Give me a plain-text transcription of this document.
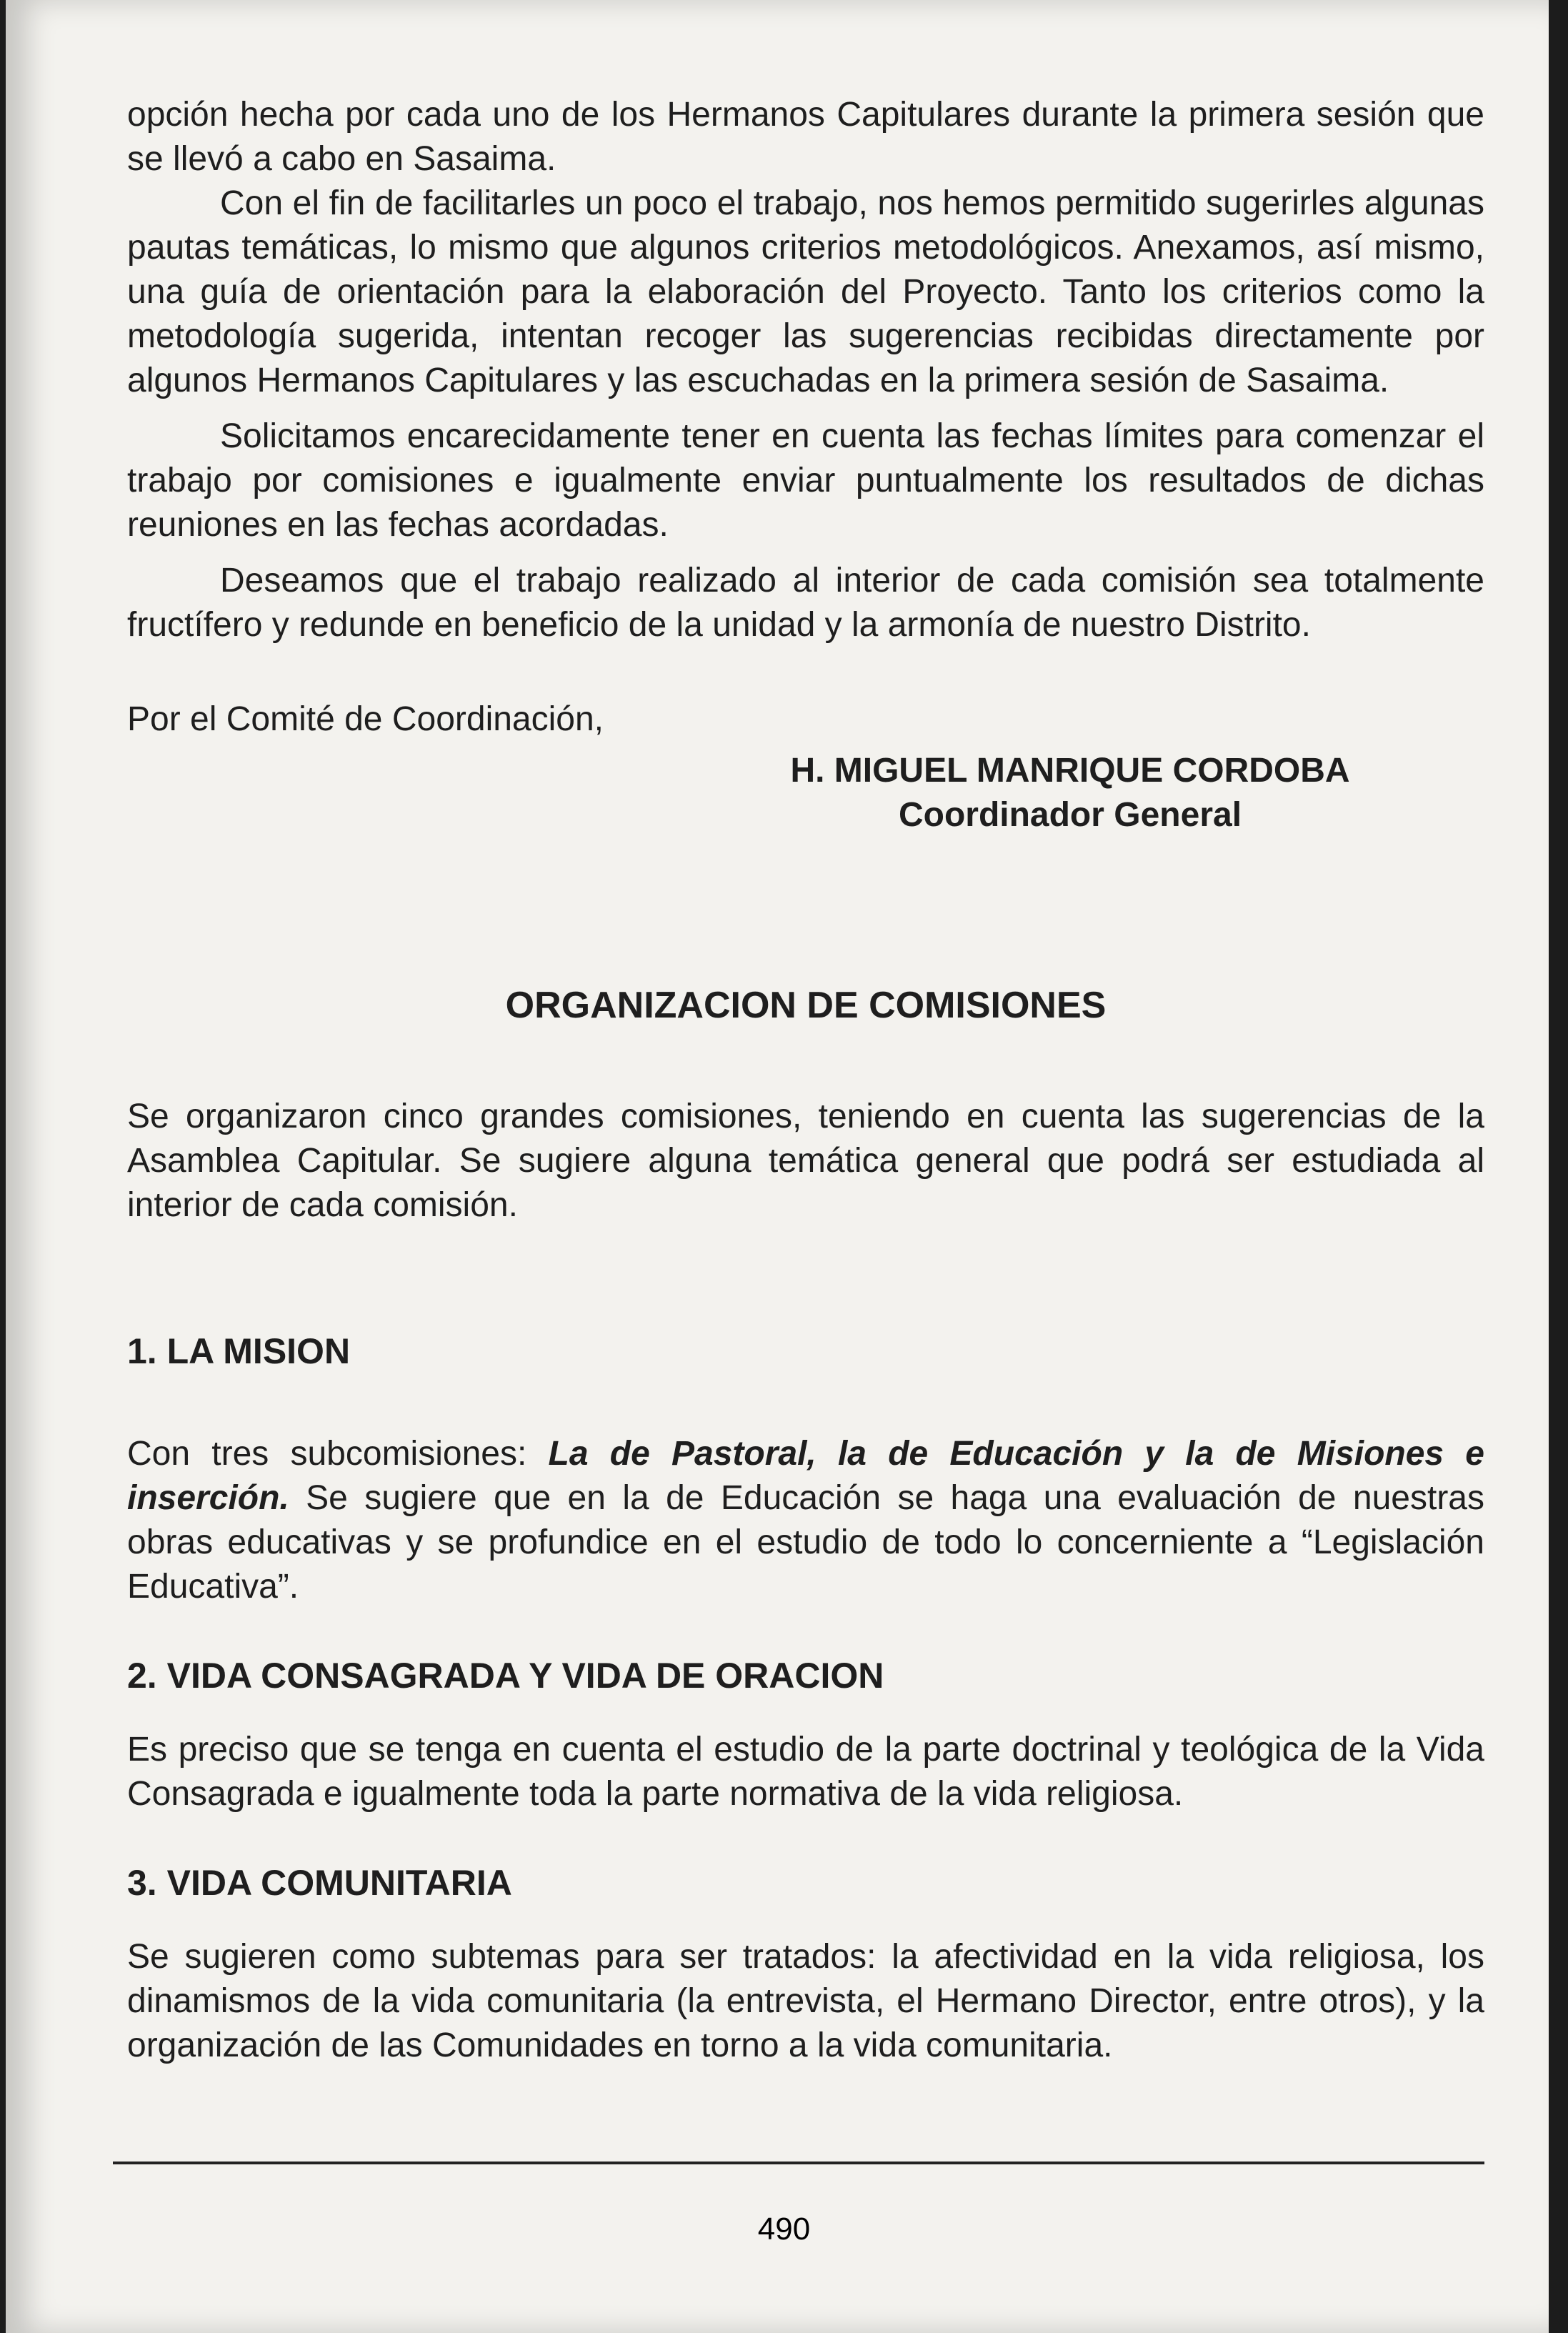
opción hecha por cada uno de los Hermanos Capitulares durante la primera sesión que se llevó a cabo en Sasaima.

Con el fin de facilitarles un poco el trabajo, nos hemos permitido sugerirles algunas pautas temáticas, lo mismo que algunos criterios metodológicos. Anexamos, así mismo, una guía de orientación para la elaboración del Proyecto. Tanto los criterios como la metodología sugerida, intentan recoger las sugerencias recibidas directamente por algunos Hermanos Capitulares y las escuchadas en la primera sesión de Sasaima.

Solicitamos encarecidamente tener en cuenta las fechas límites para comenzar el trabajo por comisiones e igualmente enviar puntualmente los resultados de dichas reuniones en las fechas acordadas.

Deseamos que el trabajo realizado al interior de cada comisión sea totalmente fructífero y redunde en beneficio de la unidad y la armonía de nuestro Distrito.

Por el Comité de Coordinación,
H. MIGUEL MANRIQUE CORDOBA
Coordinador General
ORGANIZACION DE COMISIONES

Se organizaron cinco grandes comisiones, teniendo en cuenta las sugerencias de la Asamblea Capitular. Se sugiere alguna temática general que podrá ser estudiada al interior de cada comisión.

1. LA MISION

Con tres subcomisiones: La de Pastoral, la de Educación y la de Misiones e inserción. Se sugiere que en la de Educación se haga una evaluación de nuestras obras educativas y se profundice en el estudio de todo lo concerniente a “Legislación Educativa”.

2. VIDA CONSAGRADA Y VIDA DE ORACION

Es preciso que se tenga en cuenta el estudio de la parte doctrinal y teológica de la Vida Consagrada e igualmente toda la parte normativa de la vida religiosa.

3. VIDA COMUNITARIA

Se sugieren como subtemas para ser tratados: la afectividad en la vida religiosa, los dinamismos de la vida comunitaria (la entrevista, el Hermano Director, entre otros), y la organización de las Comunidades en torno a la vida comunitaria.

490
